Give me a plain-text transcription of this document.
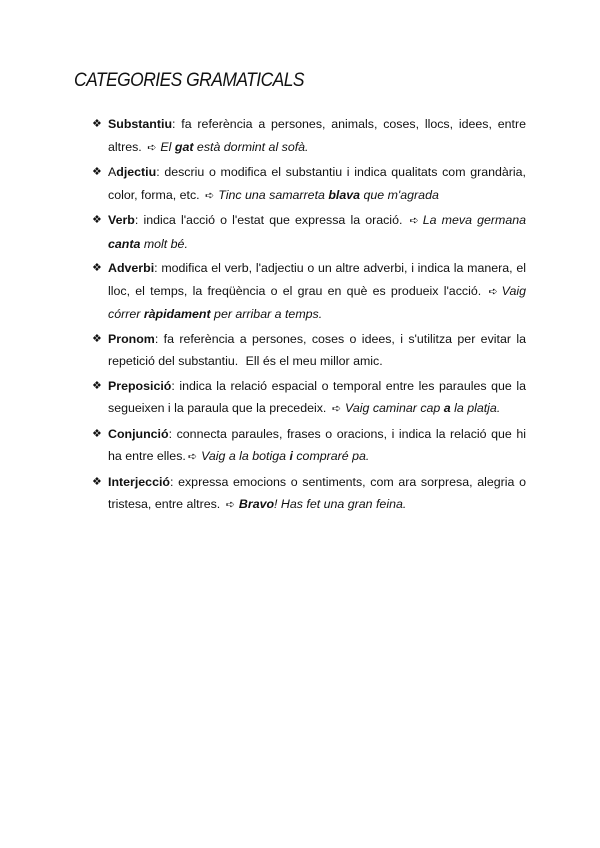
CATEGORIES GRAMATICALS
❖ Substantiu: fa referència a persones, animals, coses, llocs, idees, entre altres. ➪ El gat està dormint al sofà.
❖ Adjectiu: descriu o modifica el substantiu i indica qualitats com grandària, color, forma, etc. ➪ Tinc una samarreta blava que m'agrada
❖ Verb: indica l'acció o l'estat que expressa la oració. ➪ La meva germana canta molt bé.
❖ Adverbi: modifica el verb, l'adjectiu o un altre adverbi, i indica la manera, el lloc, el temps, la freqüència o el grau en què es produeix l'acció. ➪ Vaig córrer ràpidament per arribar a temps.
❖ Pronom: fa referència a persones, coses o idees, i s'utilitza per evitar la repetició del substantiu. Ell és el meu millor amic.
❖ Preposició: indica la relació espacial o temporal entre les paraules que la segueixen i la paraula que la precedeix. ➪ Vaig caminar cap a la platja.
❖ Conjunció: connecta paraules, frases o oracions, i indica la relació que hi ha entre elles. ➪ Vaig a la botiga i compraré pa.
❖ Interjecció: expressa emocions o sentiments, com ara sorpresa, alegria o tristesa, entre altres. ➪ Bravo! Has fet una gran feina.
